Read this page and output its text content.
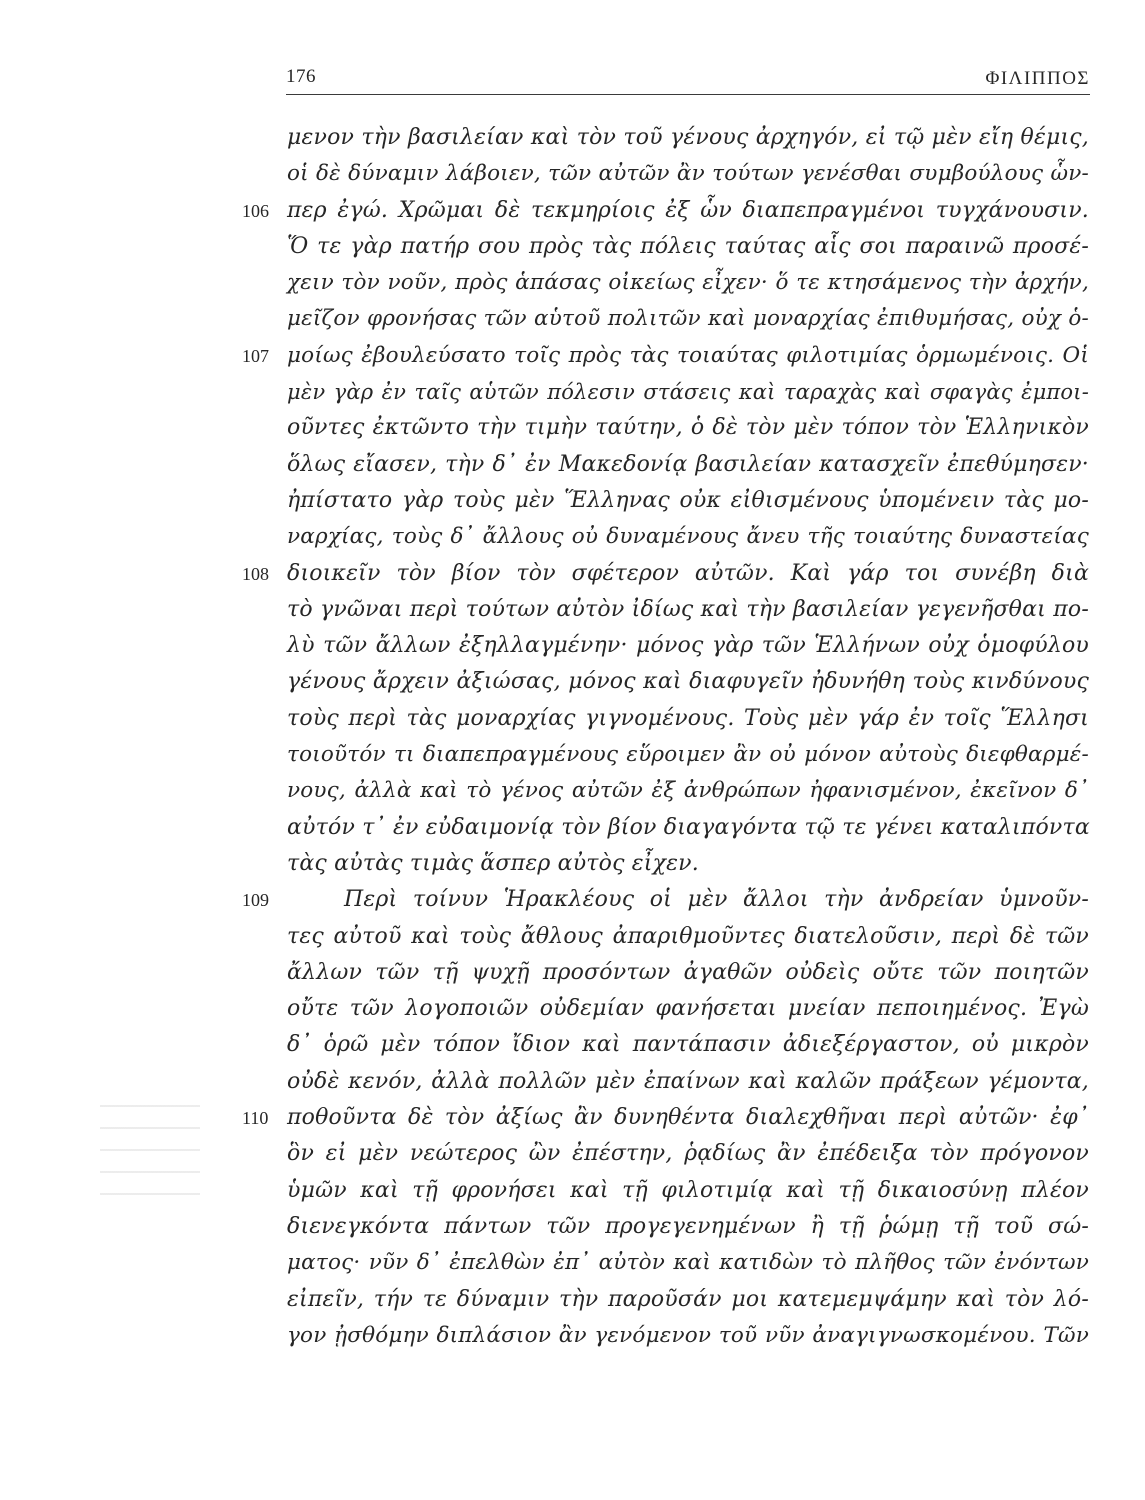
176	ΦΙΛΙΠΠΟΣ
μενον τὴν βασιλείαν καὶ τὸν τοῦ γένους ἀρχηγόν, εἰ τῷ μὲν εἴη θέμις,
οἱ δὲ δύναμιν λάβοιεν, τῶν αὐτῶν ἂν τούτων γενέσθαι συμβούλους ὧν-
106 περ ἐγώ. Χρῶμαι δὲ τεκμηρίοις ἐξ ὧν διαπεπραγμένοι τυγχάνουσιν.
Ὅ τε γὰρ πατήρ σου πρὸς τὰς πόλεις ταύτας αἷς σοι παραινῶ προσέ-
χειν τὸν νοῦν, πρὸς ἁπάσας οἰκείως εἶχεν· ὅ τε κτησάμενος τὴν ἀρχήν,
μεῖζον φρονήσας τῶν αὑτοῦ πολιτῶν καὶ μοναρχίας ἐπιθυμήσας, οὐχ ὁ-
107 μοίως ἐβουλεύσατο τοῖς πρὸς τὰς τοιαύτας φιλοτιμίας ὁρμωμένοις. Οἱ
μὲν γὰρ ἐν ταῖς αὑτῶν πόλεσιν στάσεις καὶ ταραχὰς καὶ σφαγὰς ἐμποι-
οῦντες ἐκτῶντο τὴν τιμὴν ταύτην, ὁ δὲ τὸν μὲν τόπον τὸν Ἑλληνικὸν
ὅλως εἴασεν, τὴν δ᾽ ἐν Μακεδονίᾳ βασιλείαν κατασχεῖν ἐπεθύμησεν·
ἠπίστατο γὰρ τοὺς μὲν Ἕλληνας οὐκ εἰθισμένους ὑπομένειν τὰς μο-
ναρχίας, τοὺς δ᾽ ἄλλους οὐ δυναμένους ἄνευ τῆς τοιαύτης δυναστείας
108 διοικεῖν τὸν βίον τὸν σφέτερον αὐτῶν. Καὶ γάρ τοι συνέβη διὰ
τὸ γνῶναι περὶ τούτων αὐτὸν ἰδίως καὶ τὴν βασιλείαν γεγενῆσθαι πο-
λὺ τῶν ἄλλων ἐξηλλαγμένην· μόνος γὰρ τῶν Ἑλλήνων οὐχ ὁμοφύλου
γένους ἄρχειν ἀξιώσας, μόνος καὶ διαφυγεῖν ἠδυνήθη τοὺς κινδύνους
τοὺς περὶ τὰς μοναρχίας γιγνομένους. Τοὺς μὲν γάρ ἐν τοῖς Ἕλλησι
τοιοῦτόν τι διαπεπραγμένους εὕροιμεν ἂν οὐ μόνον αὐτοὺς διεφθαρμέ-
νους, ἀλλὰ καὶ τὸ γένος αὐτῶν ἐξ ἀνθρώπων ἠφανισμένον, ἐκεῖνον δ᾽
αὐτόν τ᾽ ἐν εὐδαιμονίᾳ τὸν βίον διαγαγόντα τῷ τε γένει καταλιπόντα
τὰς αὐτὰς τιμὰς ἅσπερ αὐτὸς εἶχεν.
109	Περὶ τοίνυν Ἡρακλέους οἱ μὲν ἄλλοι τὴν ἀνδρείαν ὑμνοῦν-
τες αὐτοῦ καὶ τοὺς ἄθλους ἀπαριθμοῦντες διατελοῦσιν, περὶ δὲ τῶν
ἄλλων τῶν τῇ ψυχῇ προσόντων ἀγαθῶν οὐδεὶς οὔτε τῶν ποιητῶν
οὔτε τῶν λογοποιῶν οὐδεμίαν φανήσεται μνείαν πεποιημένος. Ἐγὼ
δ᾽ ὁρῶ μὲν τόπον ἴδιον καὶ παντάπασιν ἀδιεξέργαστον, οὐ μικρὸν
οὐδὲ κενόν, ἀλλὰ πολλῶν μὲν ἐπαίνων καὶ καλῶν πράξεων γέμοντα,
110 ποθοῦντα δὲ τὸν ἀξίως ἂν δυνηθέντα διαλεχθῆναι περὶ αὐτῶν· ἐφ᾽
ὃν εἰ μὲν νεώτερος ὢν ἐπέστην, ῥᾳδίως ἂν ἐπέδειξα τὸν πρόγονον
ὑμῶν καὶ τῇ φρονήσει καὶ τῇ φιλοτιμίᾳ καὶ τῇ δικαιοσύνῃ πλέον
διενεγκόντα πάντων τῶν προγεγενημένων ἢ τῇ ῥώμῃ τῇ τοῦ σώ-
ματος· νῦν δ᾽ ἐπελθὼν ἐπ᾽ αὐτὸν καὶ κατιδὼν τὸ πλῆθος τῶν ἐνόντων
εἰπεῖν, τήν τε δύναμιν τὴν παροῦσάν μοι κατεμεμψάμην καὶ τὸν λό-
γον ᾐσθόμην διπλάσιον ἂν γενόμενον τοῦ νῦν ἀναγιγνωσκομένου. Τῶν
